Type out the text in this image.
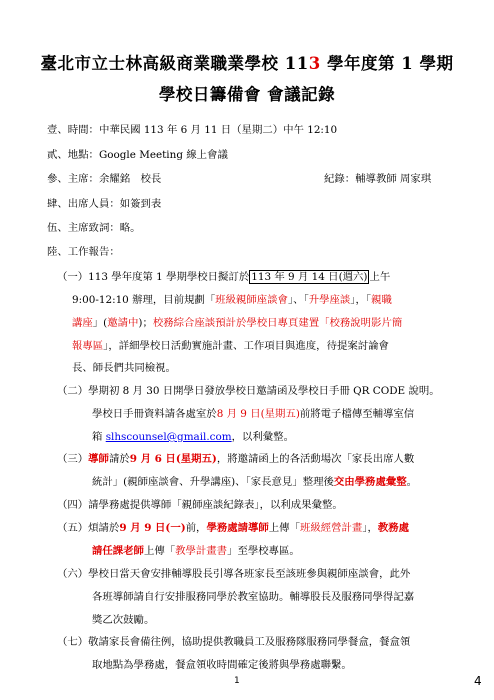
臺北市立士林高級商業職業學校 113 學年度第 1 學期
學校日籌備會 會議記錄
壹、時間：中華民國 113 年 6 月 11 日（星期二）中午 12:10
貳、地點：Google Meeting 線上會議
參、主席：余耀銘　校長	紀錄：輔導教師 周家琪
肆、出席人員：如簽到表
伍、主席致詞：略。
陸、工作報告：
（一）113 學年度第 1 學期學校日擬訂於 113 年 9 月 14 日(週六) 上午
9:00-12:10 辦理，目前規劃「班級親師座談會」、「升學座談」，「親職
講座」(邀請中)；校務綜合座談預計於學校日專頁建置「校務說明影片簡
報專區」，詳細學校日活動實施計畫、工作項目與進度，待提案討論會
長、師長們共同檢視。
（二）學期初 8 月 30 日開學日發放學校日邀請函及學校日手冊 QR CODE 說明。
學校日手冊資料請各處室於8 月 9 日(星期五)前將電子檔傳至輔導室信
箱 slhscounsel@gmail.com，以利彙整。
（三）導師請於9 月 6 日(星期五)，將邀請函上的各活動場次「家長出席人數
統計」(親師座談會、升學講座)、「家長意見」整理後交由學務處彙整。
（四）請學務處提供導師「親師座談紀錄表」，以利成果彙整。
（五）煩請於9 月 9 日(一)前，學務處請導師上傳「班級經營計畫」，教務處
請任課老師上傳「教學計畫書」至學校專區。
（六）學校日當天會安排輔導股長引導各班家長至該班參與親師座談會，此外
各班導師請自行安排服務同學於教室協助。輔導股長及服務同學得記嘉
獎乙次鼓勵。
（七）敬請家長會備往例，協助提供教職員工及服務隊服務同學餐盒，餐盒領
取地點為學務處，餐盒領收時間確定後將與學務處聯繫。
1	4
